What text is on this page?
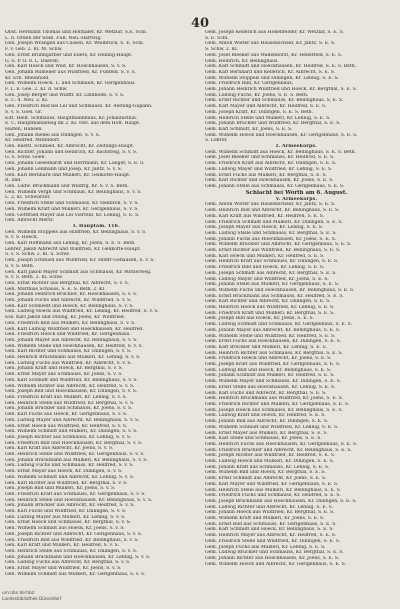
40

Obst. Hermann Thomas und Hofmaler, Kr. Wetzlar, S.E. Schl.

L. b. Orden der weiß. Fuß. Neu.-Hartwig.

Gen. Joseph Wrangen aus Cassen, Kr. Weilbrück, S. E. Schl.

F. v. Geb. 2. Kl. M. Schw.

Gen. Ernst Brunngarber und Eilers, Kr. Helling-Haupt.

G. S. P. O. d. L. Dueren.

Gen. Karl Hoeck und Wild, Kr. Hoeckhausen, S. v. S.

Gen. Johann Rumeller aus Wildfried, Kr. Fünfeld. S. v. S.

Kr. Ern. Rheinhold.

Gen. Wilhelm Hoeck. L. und Schmauß, Kr. Gerlgenhaus.

F. L. b. Goe. 2. Kl. d. Schw.

Gen. Josep Berger und Wildfr. Kr. Lindholm, S. v. S.

E. C. d. Neu. 2. Kl.

Gen. Friedrich Bild bei Lel und Schmauss, Kr. Aeltung-Gapann.

S. v. S. Goel. Gr.

Eitt. Heilt. Schmauss, Hauptmannhaus, Kr. Johannisthal.

E. C. Hauptmannsteig im 2. Kl. verl. aus dem Hoff. Haupt.

Halten, Hansen.

Gen. Johann Riedel aus Dillingen, S. v. S.

Kr. Heilfred. Mitteldorf.

Gen. Baettl. Schmied. Kr. Albrecht, Kr. Zeitungs-Haupt.

Gen. Richter. Johann und Heinrich, Kr. Bachsteig, S. v. S.

G. S. Schw. Goen.

Gen. Johann Gieselhardt und Herrmann, Kr. Langer, S. E. u.

Gen. Johann Lehmann und Josep, Kr. Jantz, S. v. S.

Gen. Karl Bernhard und Mulkeri, Kr. Gellkotte-Haupt.

R. und.

Gen. Ludw. Bruckmann und Wildfrg, Kr. S. v. S. Beth.

Gen. Wilhelm Vergh und Schmauß, Kr. Bellinghaus, S. v. S.

L. 2. Kl. Schwarzer.

Gen. Friedrich Stelle und Schmauss. Kr. Heilbron, S. v. S.

Gen. Wilhelm Kraft und Mulkeri, Kr. Gerlgenhaus, S. v. S.

Gen. Gottfried Mayer aus Lei Vierfeld, Kr. Lehnig, S. E. S.

Gen. Albrecht Mertz.

I. Hanptam. 116.

Gen. Wilhelm Stoppels aus Hildfrieb, Kr. Bellinghaus, S. v. S.

S. v. S. Hoeck.

Gen. Karl Hoffmann aus Lehnig, Kr. Joens, S. E. S. Beth.

Lehrer. Jakob Albrecht und Wildfrieb, Kr. Gellkotte-Haupt.

S. v. S. Schw. 2. Kl. u. Schw.

Gen. Joseph Schmied aus Wildfried, Kr. Hildtr-Gehausen, S. v. S.

S. v. S. Beth.

Gen. Karl Jakob Mayer Schmidt aus Schmauss, Kr. Mittlerweg.

S. v. S. Beth. 2. Kl. Schw.

Gen. Ernst Richter aus Bergthal, Kr. Albrecht, S. v. S.

Gen. Matthias Schauss, S. E. S. Beth. 2. Kl.

Gen. Johann Heinrich Bruckler, Kr. Hoeckhausen, S. v. S.

Gen. Johann Fuchs und Albrecht, Kr. Wildfried, S. v. S.

Gen. Karl Schmiedt und Hoeck, Kr. Bellinghaus, S. v. S.

Gen. Ludwig Hoeck aus Wildfried, Kr. Lehnig, Kr. Heilfred, S. v. S.

Ess. Karl Jakob und Dilling, Kr. Joens, Kr. Wildfried.

Gen. Friedrich Bild aus Mulkeri, Kr. Bellinghaus, S. v. S.

Gen. Karl Ludwig Wildfried und Hoeckhausen, Kr. Heilfred.

Gen. Friedrich Hoeck und Wildfried, Kr. Gerlgenhaus.

Gen. Johann Mayer aus Albrecht, Kr. Bellinghaus, S. v. S.

Gen. Wilhelm Stelle und Hoeckhausen, Kr. Heilfred, S. v. S.

Gen. Karl Richter und Schmauss, Kr. Dillingen, S. v. S.

Gen. Heinrich Bruckmann aus Mulkeri, Kr. Lehnig, S. v. S.

Gen. Ludwig Fuchs aus Wildfried, Kr. Albrecht, S. v. S.

Gen. Johann Kraft und Hoeck, Kr. Bergthal, S. v. S.

Gen. Ernst Mayer aus Schmauss, Kr. Joens, S. v. S.

Gen. Karl Schmidt und Wildfried, Kr. Bellinghaus, S. v. S.

Gen. Wilhelm Richter aus Albrecht, Kr. Heilfred, S. v. S.

Gen. Joseph Bild und Hoeckhausen, Kr. Dillingen, S. v. S.

Gen. Friedrich Kraft aus Mulkeri, Kr. Lehnig, S. v. S.

Gen. Heinrich Stelle aus Wildfried, Kr. Bergthal, S. v. S.

Gen. Johann Bruckler und Schmauss, Kr. Joens, S. v. S.

Gen. Karl Fuchs aus Hoeck, Kr. Gerlgenhaus, S. v. S.

Gen. Ludwig Mayer und Albrecht, Kr. Bellinghaus, S. v. S.

Gen. Ernst Hoeck aus Wildfried, Kr. Heilfred, S. v. S.

Gen. Wilhelm Schmidt und Mulkeri, Kr. Dillingen, S. v. S.

Gen. Joseph Richter aus Schmauss, Kr. Lehnig, S. v. S.

Gen. Friedrich Bild und Hoeckhausen, Kr. Bergthal, S. v. S.

Gen. Karl Kraft aus Albrecht, Kr. Joens, S. v. S.

Gen. Heinrich Stelle und Wildfried, Kr. Gerlgenhaus, S. v. S.

Gen. Johann Bruckmann aus Mulkeri, Kr. Bellinghaus, S. v. S.

Gen. Ludwig Fuchs und Schmauss, Kr. Heilfred, S. v. S.

Gen. Ernst Mayer aus Hoeck, Kr. Dillingen, S. v. S.

Gen. Wilhelm Schmidt und Albrecht, Kr. Lehnig, S. v. S.

Gen. Karl Richter aus Wildfried, Kr. Bergthal, S. v. S.

Gen. Joseph Bild und Mulkeri, Kr. Joens, S. v. S.

Gen. Friedrich Kraft aus Schmauss, Kr. Gerlgenhaus, S. v. S.

Gen. Heinrich Stelle und Hoeckhausen, Kr. Bellinghaus, S. v. S.

Gen. Johann Bruckler aus Albrecht, Kr. Heilfred, S. v. S.

Gen. Karl Fuchs und Wildfried, Kr. Dillingen, S. v. S.

Gen. Ludwig Mayer aus Mulkeri, Kr. Lehnig, S. v. S.

Gen. Ernst Hoeck und Schmauss, Kr. Bergthal, S. v. S.

Gen. Wilhelm Schmidt aus Hoeck, Kr. Joens, S. v. S.

Gen. Joseph Richter und Albrecht, Kr. Gerlgenhaus, S. v. S.

Gen. Friedrich Bild aus Wildfried, Kr. Bellinghaus, S. v. S.

Gen. Karl Kraft und Mulkeri, Kr. Heilfred, S. v. S.

Gen. Heinrich Stelle aus Schmauss, Kr. Dillingen, S. v. S.

Gen. Johann Bruckmann und Hoeckhausen, Kr. Lehnig, S. v. S.

Gen. Ludwig Fuchs aus Albrecht, Kr. Bergthal, S. v. S.

Gen. Ernst Mayer und Wildfried, Kr. Joens, S. v. S.

Gen. Wilhelm Schmidt aus Mulkeri, Kr. Gerlgenhaus, S. v. S.

Gem. Joseph Kellerich aus Hohenfelder, Kr. Wetzlar, S. E. S.

S. E. Schl.

Gem. Anton Wolter aus Hausenscheid, Kr. Jantz, S. E. S.

S. Schw. 2. Kl.

Gem. Josef Bleeker aus Wallenhorst, Kr. Hellerfeld, S. E. S.

Gem. Heinrich, Kr. Bellinghaus.

Gem. Karl Schmidt und Hoeckhausen, Kr. Heilfred, S. E. S. Beth.

Gem. Karl Bernhard und Kellerich, Kr. Albrecht, S. E. S.

Gem. Wilhelm Stoppels und Dillingen, Kr. Lehnig, S. E. S.

Gem. Friedrich Bild, Kr. Gerlgenhaus.

Gem. Johann Heinrich Wildfried und Hoeck, Kr. Bergthal, S. E. S.

Gem. Ludwig Fuchs, Kr. Joens, S. E. S. Beth.

Gem. Ernst Richter und Schmauss, Kr. Bellinghaus, S. E. S.

Gem. Karl Mayer und Albrecht, Kr. Heilfred, S. E. S.

Gem. Joseph Kraft, Kr. Dillingen, S. E. S. Beth.

Gem. Heinrich Stelle und Mulkeri, Kr. Lehnig, S. E. S.

Gem. Johann Bruckler und Wildfried, Kr. Bergthal, S. E. S.

Gem. Karl Schmidt, Kr. Joens, S. E. S.

Gem. Wilhelm Hoeck und Hoeckhausen, Kr. Gerlgenhaus, S. E. S.

S. Lehrer.

I. Armeekorps.

Gem. Wilhelm Schmidt aus Hoeck, Kr. Bellinghaus, S. E. S. Beth.

Gem. Josef Bleeker und Schmauss, Kr. Heilfred, S. E. S.

Gem. Friedrich Kraft aus Albrecht, Kr. Dillingen, S. E. S.

Gem. Ludwig Mayer und Wildfried, Kr. Lehnig, S. E. S.

Gem. Ernst Fuchs aus Mulkeri, Kr. Bergthal, S. E. S.

Gem. Karl Richter und Hoeckhausen, Kr. Joens, S. E. S.

Gem. Johann Stelle aus Schmauss, Kr. Gerlgenhaus, S. E. S.

Schlacht bei Wörth am 6. August.

V. Armeekorps.

Gem. Anton Wolter aus Hausenscheid, Kr. Jantz, S. E. S.

Gem. Heinrich Bild und Albrecht, Kr. Bellinghaus, S. E. S.

Gem. Karl Kraft aus Wildfried, Kr. Heilfred, S. E. S.

Gem. Friedrich Schmidt und Mulkeri, Kr. Dillingen, S. E. S.

Gem. Joseph Mayer aus Hoeck, Kr. Lehnig, S. E. S.

Gem. Ludwig Stelle und Schmauss, Kr. Bergthal, S. E. S.

Gem. Johann Fuchs aus Hoeckhausen, Kr. Joens, S. E. S.

Gem. Wilhelm Bruckler und Albrecht, Kr. Gerlgenhaus, S. E. S.

Gem. Ernst Richter aus Wildfried, Kr. Bellinghaus, S. E. S.

Gem. Karl Hoeck und Mulkeri, Kr. Heilfred, S. E. S.

Gem. Heinrich Kraft aus Schmauss, Kr. Dillingen, S. E. S.

Gem. Friedrich Bild und Hoeck, Kr. Lehnig, S. E. S.

Gem. Joseph Schmidt aus Albrecht, Kr. Bergthal, S. E. S.

Gem. Ludwig Mayer und Wildfried, Kr. Joens, S. E. S.

Gem. Johann Stelle aus Mulkeri, Kr. Gerlgenhaus, S. E. S.

Gem. Wilhelm Fuchs und Hoeckhausen, Kr. Bellinghaus, S. E. S.

Gem. Ernst Bruckmann aus Schmauss, Kr. Heilfred, S. E. S.

Gem. Karl Richter und Albrecht, Kr. Dillingen, S. E. S.

Gem. Heinrich Hoeck aus Wildfried, Kr. Lehnig, S. E. S.

Gem. Friedrich Kraft und Mulkeri, Kr. Bergthal, S. E. S.

Gem. Joseph Bild aus Hoeck, Kr. Joens, S. E. S.

Gem. Ludwig Schmidt und Schmauss, Kr. Gerlgenhaus, S. E. S.

Gem. Johann Mayer aus Albrecht, Kr. Bellinghaus, S. E. S.

Gem. Wilhelm Stelle und Wildfried, Kr. Heilfred, S. E. S.

Gem. Ernst Fuchs aus Hoeckhausen, Kr. Dillingen, S. E. S.

Gem. Karl Bruckler und Mulkeri, Kr. Lehnig, S. E. S.

Gem. Heinrich Richter aus Schmauss, Kr. Bergthal, S. E. S.

Gem. Friedrich Hoeck und Albrecht, Kr. Joens, S. E. S.

Gem. Joseph Kraft aus Wildfried, Kr. Gerlgenhaus, S. E. S.

Gem. Ludwig Bild und Hoeck, Kr. Bellinghaus, S. E. S.

Gem. Johann Schmidt aus Mulkeri, Kr. Heilfred, S. E. S.

Gem. Wilhelm Mayer und Schmauss, Kr. Dillingen, S. E. S.

Gem. Ernst Stelle aus Hoeckhausen, Kr. Lehnig, S. E. S.

Gem. Karl Fuchs und Albrecht, Kr. Bergthal, S. E. S.

Gem. Heinrich Bruckmann aus Wildfried, Kr. Joens, S. E. S.

Gem. Friedrich Richter und Mulkeri, Kr. Gerlgenhaus, S. E. S.

Gem. Joseph Hoeck aus Schmauss, Kr. Bellinghaus, S. E. S.

Gem. Ludwig Kraft und Hoeck, Kr. Heilfred, S. E. S.

Gem. Johann Bild aus Albrecht, Kr. Dillingen, S. E. S.

Gem. Wilhelm Schmidt und Wildfried, Kr. Lehnig, S. E. S.

Gem. Ernst Mayer aus Mulkeri, Kr. Bergthal, S. E. S.

Gem. Karl Stelle und Schmauss, Kr. Joens, S. E. S.

Gem. Heinrich Fuchs aus Hoeckhausen, Kr. Gerlgenhaus, S. E. S.

Gem. Friedrich Bruckler und Albrecht, Kr. Bellinghaus, S. E. S.

Gem. Joseph Richter aus Wildfried, Kr. Heilfred, S. E. S.

Gem. Ludwig Hoeck und Mulkeri, Kr. Dillingen, S. E. S.

Gem. Johann Kraft aus Schmauss, Kr. Lehnig, S. E. S.

Gem. Wilhelm Bild und Hoeck, Kr. Bergthal, S. E. S.

Gem. Ernst Schmidt aus Albrecht, Kr. Joens, S. E. S.

Gem. Karl Mayer und Wildfried, Kr. Gerlgenhaus, S. E. S.

Gem. Heinrich Stelle aus Mulkeri, Kr. Bellinghaus, S. E. S.

Gem. Friedrich Fuchs und Schmauss, Kr. Heilfred, S. E. S.

Gem. Joseph Bruckmann aus Hoeckhausen, Kr. Dillingen, S. E. S.

Gem. Ludwig Richter und Albrecht, Kr. Lehnig, S. E. S.

Gem. Johann Hoeck aus Wildfried, Kr. Bergthal, S. E. S.

Gem. Wilhelm Kraft und Mulkeri, Kr. Joens, S. E. S.

Gem. Ernst Bild aus Schmauss, Kr. Gerlgenhaus, S. E. S.

Gem. Karl Schmidt und Hoeck, Kr. Bellinghaus, S. E. S.

Gem. Heinrich Mayer aus Albrecht, Kr. Heilfred, S. E. S.

Gem. Friedrich Stelle und Wildfried, Kr. Dillingen, S. E. S.

Gem. Joseph Fuchs aus Mulkeri, Kr. Lehnig, S. E. S.

Gem. Ludwig Bruckler und Schmauss, Kr. Bergthal, S. E. S.

Gem. Johann Richter aus Hoeckhausen, Kr. Joens, S. E. S.

Gem. Wilhelm Hoeck und Albrecht, Kr. Gerlgenhaus, S. E. S.

urn:nbn:de:hbz:
Landesbibliothek Düsseldorf
